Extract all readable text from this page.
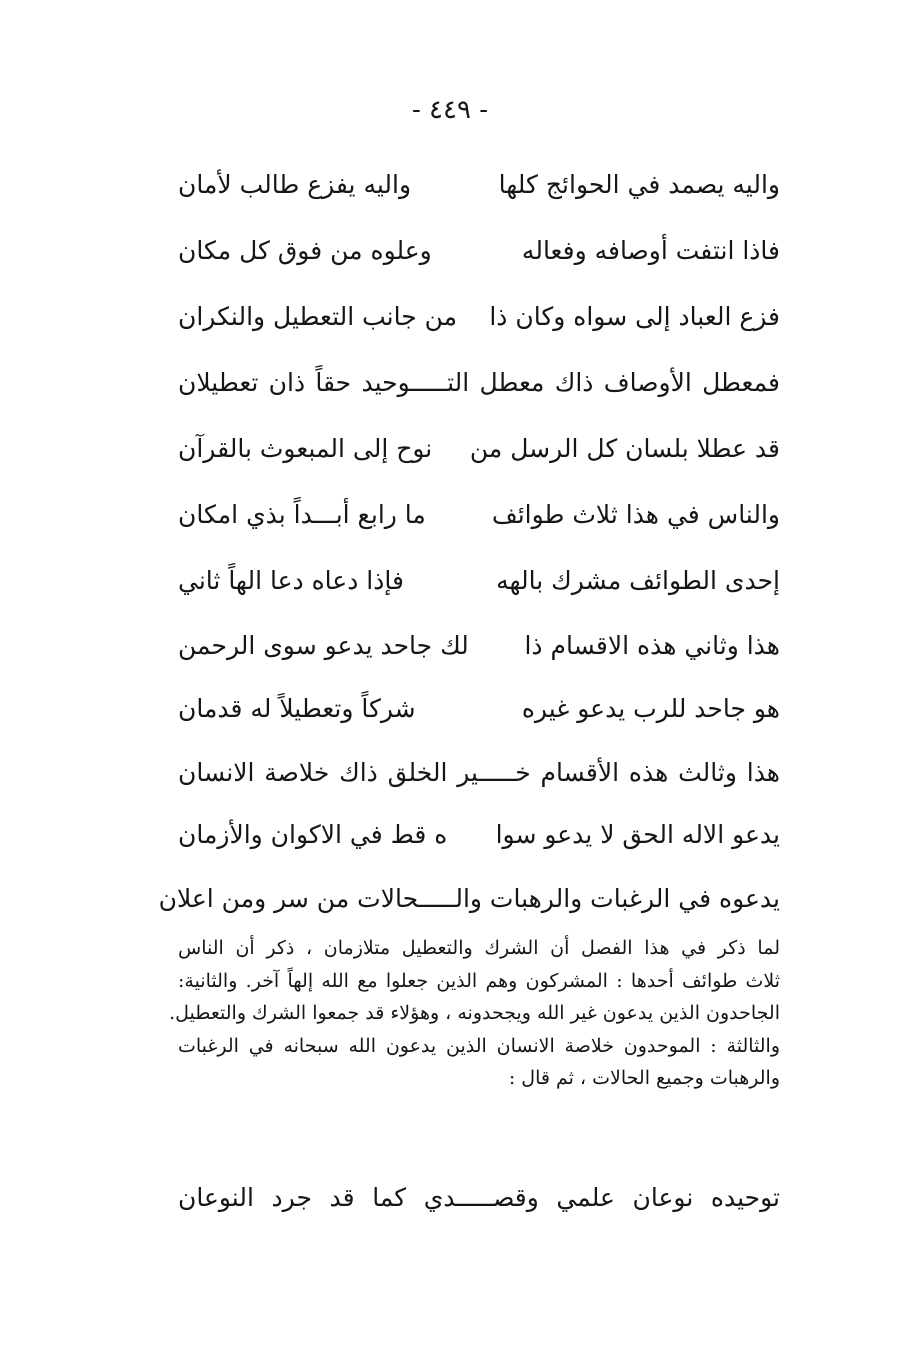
- ٤٤٩ -
واليه يصمد في الحوائج كلها
واليه يفزع طالب لأمان
فاذا انتفت أوصافه وفعاله
وعلوه من فوق كل مكان
فزع العباد إلى سواه وكان ذا
من جانب التعطيل والنكران
فمعطل الأوصاف ذاك معطل التـــــوحيد حقاً ذان تعطيلان
قد عطلا بلسان كل الرسل من
نوح إلى المبعوث بالقرآن
والناس في هذا ثلاث طوائف
ما رابع أبـــداً بذي امكان
إحدى الطوائف مشرك بالهه
فإذا دعاه دعا الهاً ثاني
هذا وثاني هذه الاقسام ذا
لك جاحد يدعو سوى الرحمن
هو جاحد للرب يدعو غيره
شركاً وتعطيلاً له قدمان
هذا وثالث هذه الأقسام خـــــير الخلق ذاك خلاصة الانسان
يدعو الاله الحق لا يدعو سوا
ه قط في الاكوان والأزمان
يدعوه في الرغبات والرهبات والـــــحالات من سر ومن اعلان
لما ذكر في هذا الفصل أن الشرك والتعطيل متلازمان ، ذكر أن الناس
ثلاث طوائف أحدها : المشركون وهم الذين جعلوا مع الله إلهاً آخر. والثانية:
الجاحدون الذين يدعون غير الله ويجحدونه ، وهؤلاء قد جمعوا الشرك والتعطيل.
والثالثة : الموحدون خلاصة الانسان الذين يدعون الله سبحانه في الرغبات
والرهبات وجميع الحالات ، ثم قال :
توحيده نوعان علمي وقصـــــدي كما قد جرد النوعان
